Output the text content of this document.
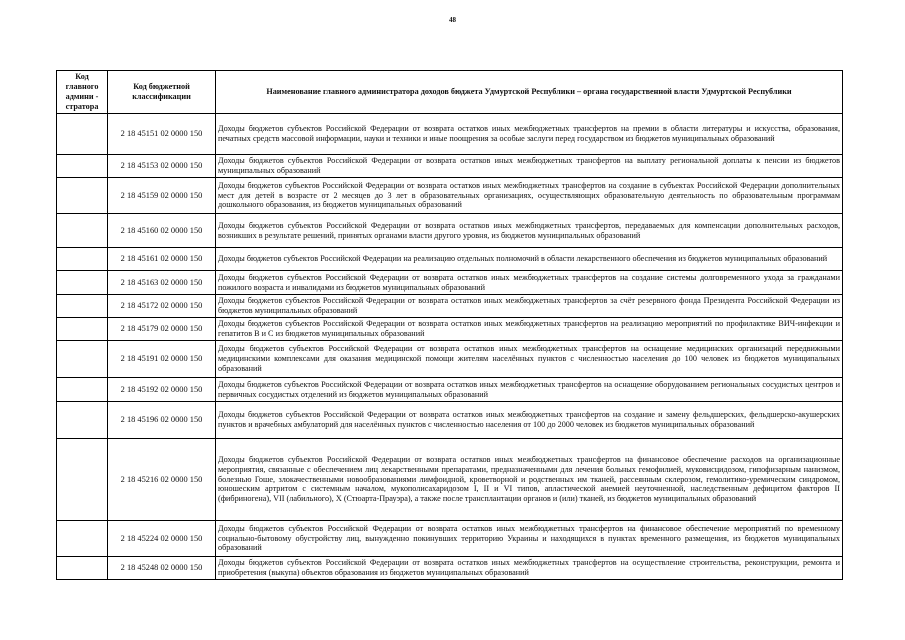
48
Код главного админи - стратора	Код бюджетной классификации	Наименование главного администратора доходов бюджета Удмуртской Республики – органа государственной власти Удмуртской Республики
	2 18 45151 02 0000 150	Доходы бюджетов субъектов Российской Федерации от возврата остатков иных межбюджетных трансфертов на премии в области литературы и искусства, образования, печатных средств массовой информации, науки и техники и иные поощрения за особые заслуги перед государством из бюджетов муниципальных образований
	2 18 45153 02 0000 150	Доходы бюджетов субъектов Российской Федерации от возврата остатков иных межбюджетных трансфертов на выплату региональной доплаты к пенсии из бюджетов муниципальных образований
	2 18 45159 02 0000 150	Доходы бюджетов субъектов Российской Федерации от возврата остатков иных межбюджетных трансфертов на создание в субъектах Российской Федерации дополнительных мест для детей в возрасте от 2 месяцев до 3 лет в образовательных организациях, осуществляющих образовательную деятельность по образовательным программам дошкольного образования, из бюджетов муниципальных образований
	2 18 45160 02 0000 150	Доходы бюджетов субъектов Российской Федерации от возврата остатков иных межбюджетных трансфертов, передаваемых для компенсации дополнительных расходов, возникших в результате решений, принятых органами власти другого уровня, из бюджетов муниципальных образований
	2 18 45161 02 0000 150	Доходы бюджетов субъектов Российской Федерации на реализацию отдельных полномочий в области лекарственного обеспечения из бюджетов муниципальных образований
	2 18 45163 02 0000 150	Доходы бюджетов субъектов Российской Федерации от возврата остатков иных межбюджетных трансфертов на создание системы долговременного ухода за гражданами пожилого возраста и инвалидами из бюджетов муниципальных образований
	2 18 45172 02 0000 150	Доходы бюджетов субъектов Российской Федерации от возврата остатков иных межбюджетных трансфертов за счёт резервного фонда Президента Российской Федерации из бюджетов муниципальных образований
	2 18 45179 02 0000 150	Доходы бюджетов субъектов Российской Федерации от возврата остатков иных межбюджетных трансфертов на реализацию мероприятий по профилактике ВИЧ-инфекции и гепатитов B и C из бюджетов муниципальных образований
	2 18 45191 02 0000 150	Доходы бюджетов субъектов Российской Федерации от возврата остатков иных межбюджетных трансфертов на оснащение медицинских организаций передвижными медицинскими комплексами для оказания медицинской помощи жителям населённых пунктов с численностью населения до 100 человек из бюджетов муниципальных образований
	2 18 45192 02 0000 150	Доходы бюджетов субъектов Российской Федерации от возврата остатков иных межбюджетных трансфертов на оснащение оборудованием региональных сосудистых центров и первичных сосудистых отделений из бюджетов муниципальных образований
	2 18 45196 02 0000 150	Доходы бюджетов субъектов Российской Федерации от возврата остатков иных межбюджетных трансфертов на создание и замену фельдшерских, фельдшерско-акушерских пунктов и врачебных амбулаторий для населённых пунктов с численностью населения от 100 до 2000 человек из бюджетов муниципальных образований
	2 18 45216 02 0000 150	Доходы бюджетов субъектов Российской Федерации от возврата остатков иных межбюджетных трансфертов на финансовое обеспечение расходов на организационные мероприятия, связанные с обеспечением лиц лекарственными препаратами, предназначенными для лечения больных гемофилией, муковисцидозом, гипофизарным нанизмом, болезнью Гоше, злокачественными новообразованиями лимфоидной, кроветворной и родственных им тканей, рассеянным склерозом, гемолитико-уремическим синдромом, юношеским артритом с системным началом, мукополисахаридозом I, II и VI типов, апластической анемией неуточненной, наследственным дефицитом факторов II (фибриногена), VII (лабильного), X (Стюарта-Прауэра), а также после трансплантации органов и (или) тканей, из бюджетов муниципальных образований
	2 18 45224 02 0000 150	Доходы бюджетов субъектов Российской Федерации от возврата остатков иных межбюджетных трансфертов на финансовое обеспечение мероприятий по временному социально-бытовому обустройству лиц, вынужденно покинувших территорию Украины и находящихся в пунктах временного размещения, из бюджетов муниципальных образований
	2 18 45248 02 0000 150	Доходы бюджетов субъектов Российской Федерации от возврата остатков иных межбюджетных трансфертов на осуществление строительства, реконструкции, ремонта и приобретения (выкупа) объектов образования из бюджетов муниципальных образований
